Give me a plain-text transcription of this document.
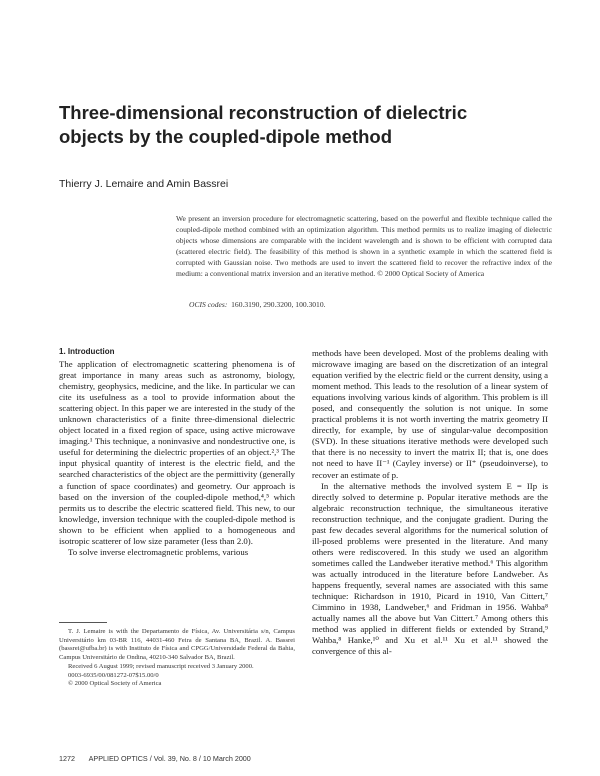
Three-dimensional reconstruction of dielectric objects by the coupled-dipole method
Thierry J. Lemaire and Amin Bassrei
We present an inversion procedure for electromagnetic scattering, based on the powerful and flexible technique called the coupled-dipole method combined with an optimization algorithm. This method permits us to realize imaging of dielectric objects whose dimensions are comparable with the incident wavelength and is shown to be efficient with corrupted data (scattered electric field). The feasibility of this method is shown in a synthetic example in which the scattered field is corrupted with Gaussian noise. Two methods are used to invert the scattered field to recover the refractive index of the medium: a conventional matrix inversion and an iterative method. © 2000 Optical Society of America
OCIS codes: 160.3190, 290.3200, 100.3010.
1. Introduction

The application of electromagnetic scattering phenomena is of great importance in many areas such as astronomy, biology, chemistry, geophysics, medicine, and the like. In particular we can cite its usefulness as a tool to provide information about the scattering object. In this paper we are interested in the study of the unknown characteristics of a finite three-dimensional dielectric object located in a fixed region of space, using active microwave imaging.¹ This technique, a noninvasive and nondestructive one, is useful for determining the dielectric properties of an object.²,³ The input physical quantity of interest is the electric field, and the searched characteristics of the object are the permittivity (generally a function of space coordinates) and geometry. Our approach is based on the inversion of the coupled-dipole method,⁴,⁵ which permits us to describe the electric scattered field. This new, to our knowledge, inversion technique with the coupled-dipole method is shown to be efficient when applied to a homogeneous and isotropic scatterer of low size parameter (less than 2.0).

To solve inverse electromagnetic problems, various

methods have been developed. Most of the problems dealing with microwave imaging are based on the discretization of an integral equation verified by the electric field or the current density, using a moment method. This leads to the resolution of a linear system of equations involving various kinds of algorithm. This problem is ill posed, and consequently the solution is not unique. In some practical problems it is not worth inverting the matrix geometry II directly, for example, by use of singular-value decomposition (SVD). In these situations iterative methods were developed such that there is no necessity to invert the matrix II; that is, one does not need to have II⁻¹ (Cayley inverse) or II⁺ (pseudoinverse), to recover an estimate of p.

In the alternative methods the involved system E = IIp is directly solved to determine p. Popular iterative methods are the algebraic reconstruction technique, the simultaneous iterative reconstruction technique, and the conjugate gradient. During the past few decades several algorithms for the numerical solution of ill-posed problems were presented in the literature. And many others were rediscovered. In this study we used an algorithm sometimes called the Landweber iterative method.⁶ This algorithm was actually introduced in the literature before Landweber. As happens frequently, several names are associated with this same technique: Richardson in 1910, Picard in 1910, Van Cittert,⁷ Cimmino in 1938, Landweber,⁶ and Fridman in 1956. Wahba⁸ actually names all the above but Van Cittert.⁷ Among others this method was applied in different fields or extended by Strand,⁹ Wahba,⁸ Hanke,¹⁰ and Xu et al.¹¹ Xu et al.¹¹ showed the convergence of this al-

T. J. Lemaire is with the Departamento de Física, Av. Universitária s/n, Campus Universitário km 03-BR 116, 44031-460 Feira de Santana BA, Brazil. A. Bassrei (bassrei@ufba.br) is with Instituto de Física and CPGG/Universidade Federal da Bahia, Campus Universitário de Ondina, 40210-340 Salvador BA, Brazil.

Received 6 August 1999; revised manuscript received 3 January 2000.

0003-6935/00/081272-07$15.00/0

© 2000 Optical Society of America

1272 APPLIED OPTICS / Vol. 39, No. 8 / 10 March 2000
